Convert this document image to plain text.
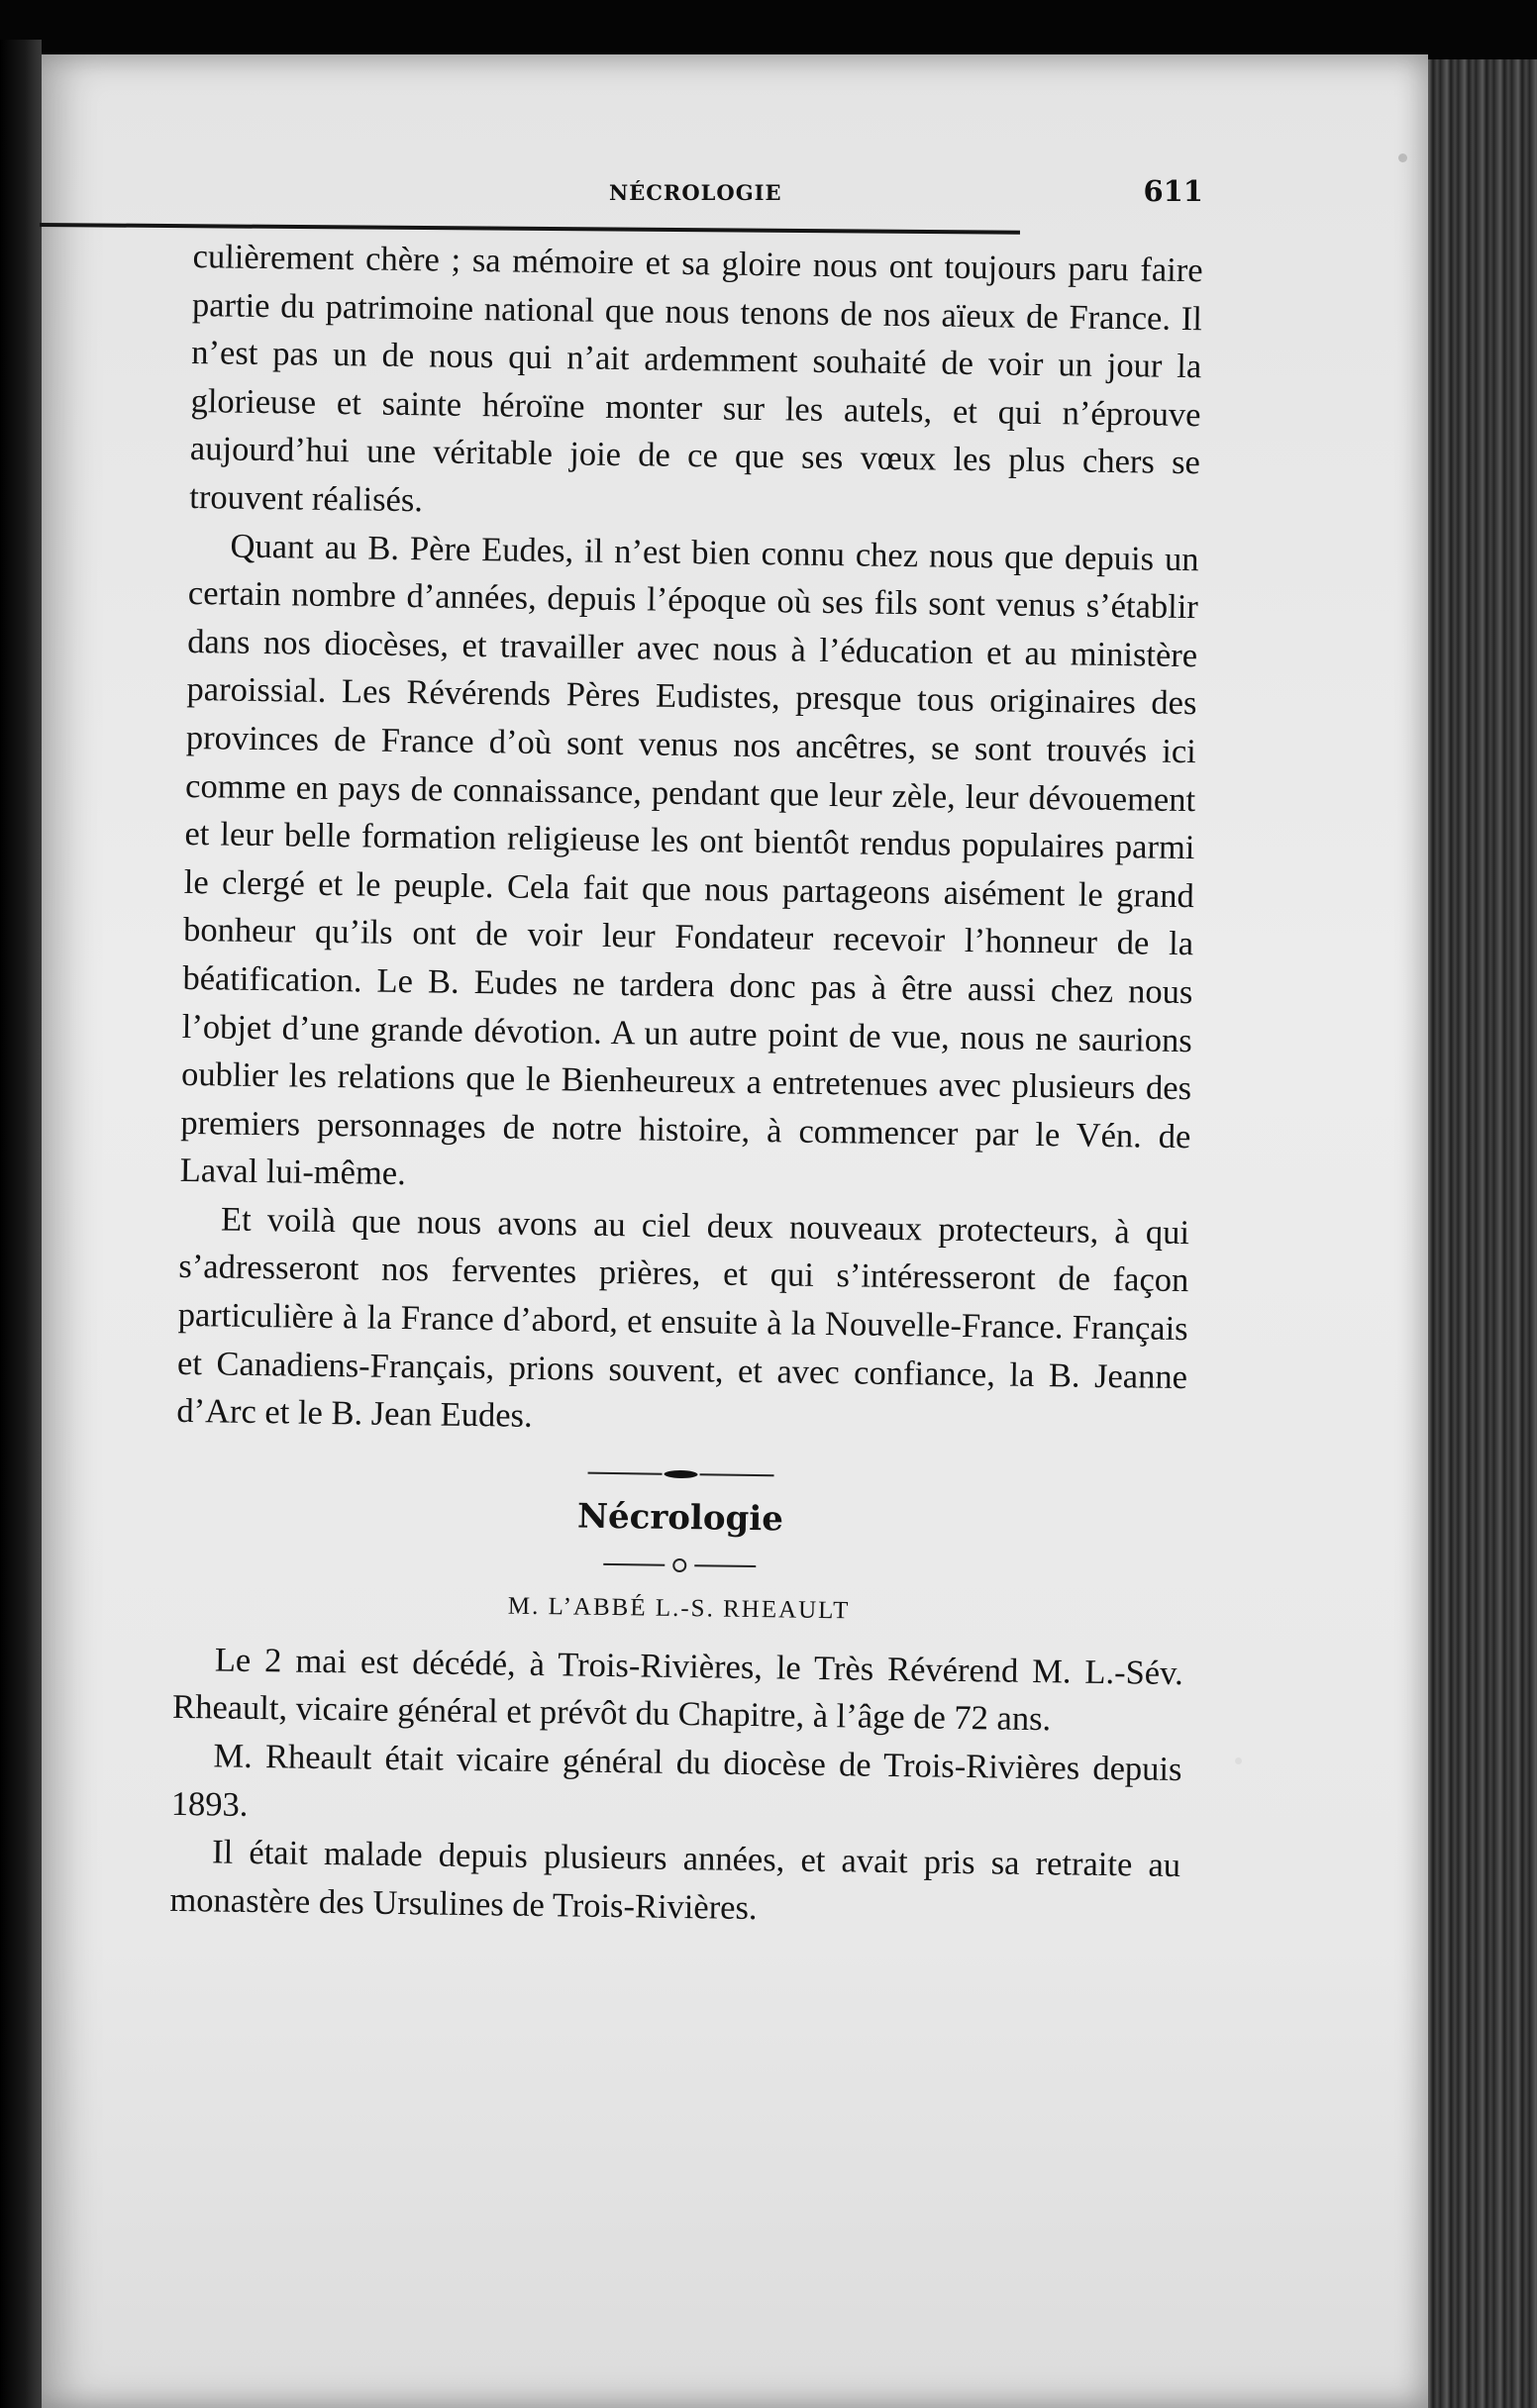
NÉCROLOGIE	611

culièrement chère ; sa mémoire et sa gloire nous ont toujours paru faire partie du patrimoine national que nous tenons de nos aïeux de France. Il n’est pas un de nous qui n’ait ardemment souhaité de voir un jour la glorieuse et sainte héroïne monter sur les autels, et qui n’éprouve aujourd’hui une véritable joie de ce que ses vœux les plus chers se trouvent réalisés.

Quant au B. Père Eudes, il n’est bien connu chez nous que depuis un certain nombre d’années, depuis l’époque où ses fils sont venus s’établir dans nos diocèses, et travailler avec nous à l’éducation et au ministère paroissial. Les Révérends Pères Eudistes, presque tous originaires des provinces de France d’où sont venus nos ancêtres, se sont trouvés ici comme en pays de connaissance, pendant que leur zèle, leur dévouement et leur belle formation religieuse les ont bientôt rendus populaires parmi le clergé et le peuple. Cela fait que nous partageons aisément le grand bonheur qu’ils ont de voir leur Fondateur recevoir l’honneur de la béatification. Le B. Eudes ne tardera donc pas à être aussi chez nous l’objet d’une grande dévotion. A un autre point de vue, nous ne saurions oublier les relations que le Bienheureux a entretenues avec plusieurs des premiers personnages de notre histoire, à commencer par le Vén. de Laval lui-même.

Et voilà que nous avons au ciel deux nouveaux protecteurs, à qui s’adresseront nos ferventes prières, et qui s’intéresseront de façon particulière à la France d’abord, et ensuite à la Nouvelle-France. Français et Canadiens-Français, prions souvent, et avec confiance, la B. Jeanne d’Arc et le B. Jean Eudes.

Nécrologie
M. L’ABBÉ L.-S. RHEAULT

Le 2 mai est décédé, à Trois-Rivières, le Très Révérend M. L.-Sév. Rheault, vicaire général et prévôt du Chapitre, à l’âge de 72 ans.

M. Rheault était vicaire général du diocèse de Trois-Rivières depuis 1893.

Il était malade depuis plusieurs années, et avait pris sa retraite au monastère des Ursulines de Trois-Rivières.
